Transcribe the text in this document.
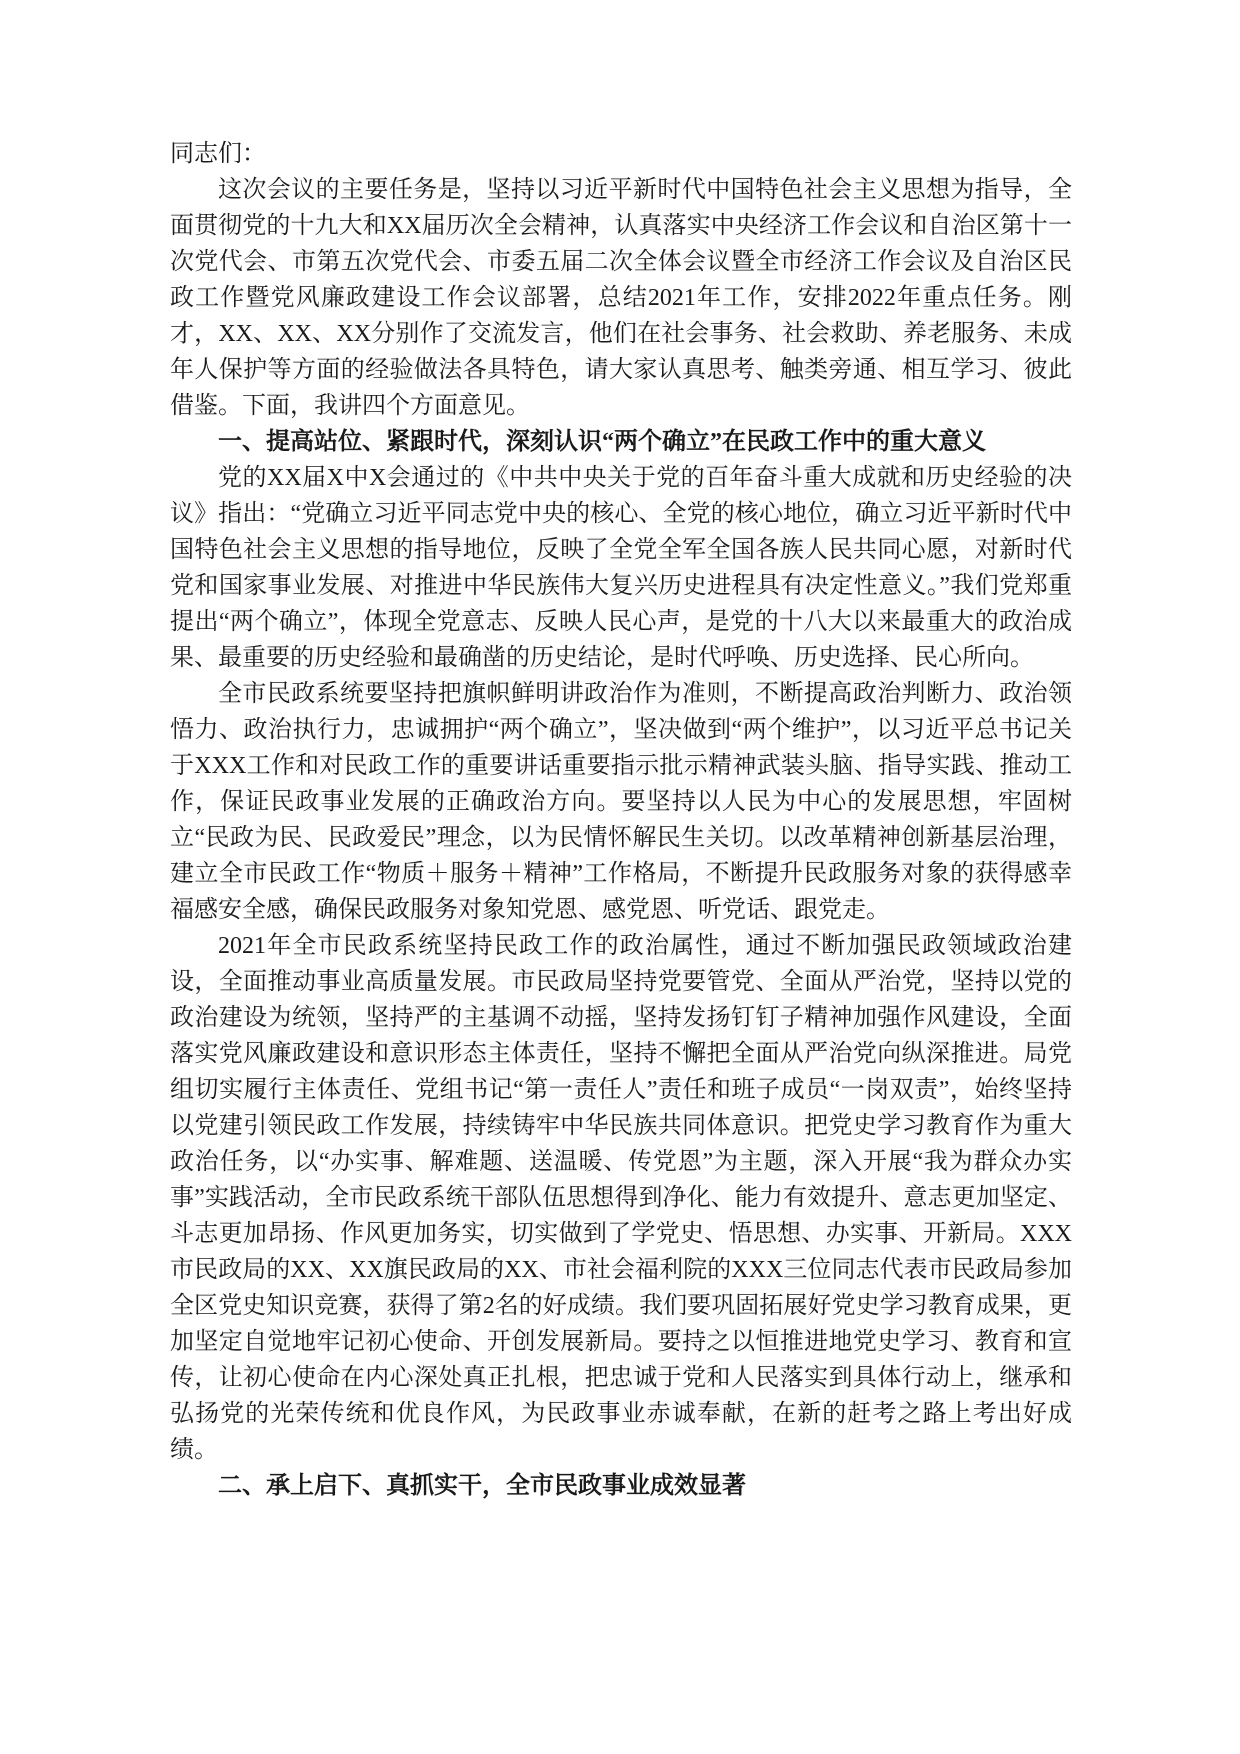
同志们：

这次会议的主要任务是，坚持以习近平新时代中国特色社会主义思想为指导，全面贯彻党的十九大和XX届历次全会精神，认真落实中央经济工作会议和自治区第十一次党代会、市第五次党代会、市委五届二次全体会议暨全市经济工作会议及自治区民政工作暨党风廉政建设工作会议部署，总结2021年工作，安排2022年重点任务。刚才，XX、XX、XX分别作了交流发言，他们在社会事务、社会救助、养老服务、未成年人保护等方面的经验做法各具特色，请大家认真思考、触类旁通、相互学习、彼此借鉴。下面，我讲四个方面意见。

一、提高站位、紧跟时代，深刻认识“两个确立”在民政工作中的重大意义

党的XX届X中X会通过的《中共中央关于党的百年奋斗重大成就和历史经验的决议》指出：“党确立习近平同志党中央的核心、全党的核心地位，确立习近平新时代中国特色社会主义思想的指导地位，反映了全党全军全国各族人民共同心愿，对新时代党和国家事业发展、对推进中华民族伟大复兴历史进程具有决定性意义。”我们党郑重提出“两个确立”，体现全党意志、反映人民心声，是党的十八大以来最重大的政治成果、最重要的历史经验和最确凿的历史结论，是时代呼唤、历史选择、民心所向。

全市民政系统要坚持把旗帜鲜明讲政治作为准则，不断提高政治判断力、政治领悟力、政治执行力，忠诚拥护“两个确立”，坚决做到“两个维护”，以习近平总书记关于XXX工作和对民政工作的重要讲话重要指示批示精神武装头脑、指导实践、推动工作，保证民政事业发展的正确政治方向。要坚持以人民为中心的发展思想，牢固树立“民政为民、民政爱民”理念，以为民情怀解民生关切。以改革精神创新基层治理，建立全市民政工作“物质＋服务＋精神”工作格局，不断提升民政服务对象的获得感幸福感安全感，确保民政服务对象知党恩、感党恩、听党话、跟党走。

2021年全市民政系统坚持民政工作的政治属性，通过不断加强民政领域政治建设，全面推动事业高质量发展。市民政局坚持党要管党、全面从严治党，坚持以党的政治建设为统领，坚持严的主基调不动摇，坚持发扬钉钉子精神加强作风建设，全面落实党风廉政建设和意识形态主体责任，坚持不懈把全面从严治党向纵深推进。局党组切实履行主体责任、党组书记“第一责任人”责任和班子成员“一岗双责”，始终坚持以党建引领民政工作发展，持续铸牢中华民族共同体意识。把党史学习教育作为重大政治任务，以“办实事、解难题、送温暖、传党恩”为主题，深入开展“我为群众办实事”实践活动，全市民政系统干部队伍思想得到净化、能力有效提升、意志更加坚定、斗志更加昂扬、作风更加务实，切实做到了学党史、悟思想、办实事、开新局。XXX市民政局的XX、XX旗民政局的XX、市社会福利院的XXX三位同志代表市民政局参加全区党史知识竞赛，获得了第2名的好成绩。我们要巩固拓展好党史学习教育成果，更加坚定自觉地牢记初心使命、开创发展新局。要持之以恒推进地党史学习、教育和宣传，让初心使命在内心深处真正扎根，把忠诚于党和人民落实到具体行动上，继承和弘扬党的光荣传统和优良作风，为民政事业赤诚奉献，在新的赶考之路上考出好成绩。

二、承上启下、真抓实干，全市民政事业成效显著
